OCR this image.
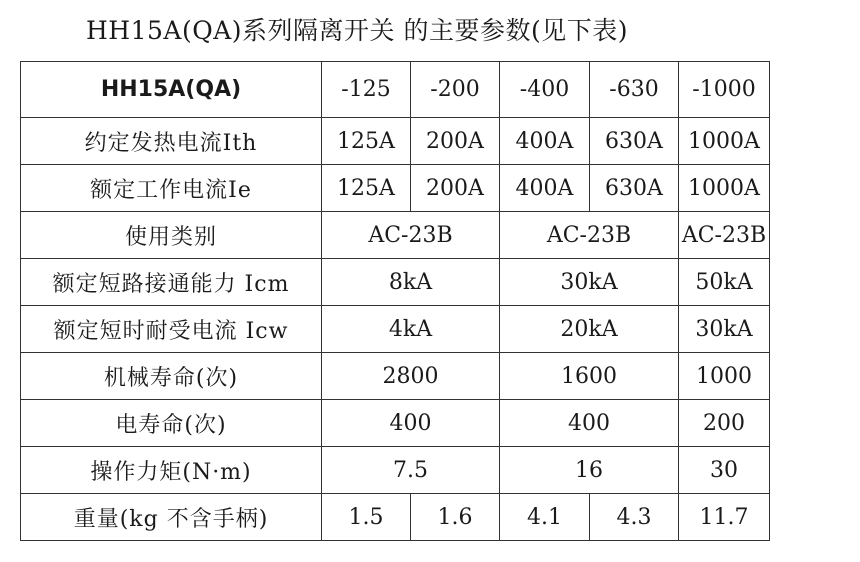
HH15A(QA)系列隔离开关 的主要参数(见下表)
HH15A(QA)	-125	-200	-400	-630	-1000
约定发热电流Ith	125A	200A	400A	630A	1000A
额定工作电流Ie	125A	200A	400A	630A	1000A
使用类别	AC-23B		AC-23B		AC-23B
额定短路接通能力 Icm	8kA		30kA		50kA
额定短时耐受电流 Icw	4kA		20kA		30kA
机械寿命(次)	2800		1600		1000
电寿命(次)	400		400		200
操作力矩(N·m)	7.5		16		30
重量(kg 不含手柄)	1.5	1.6	4.1	4.3	11.7
